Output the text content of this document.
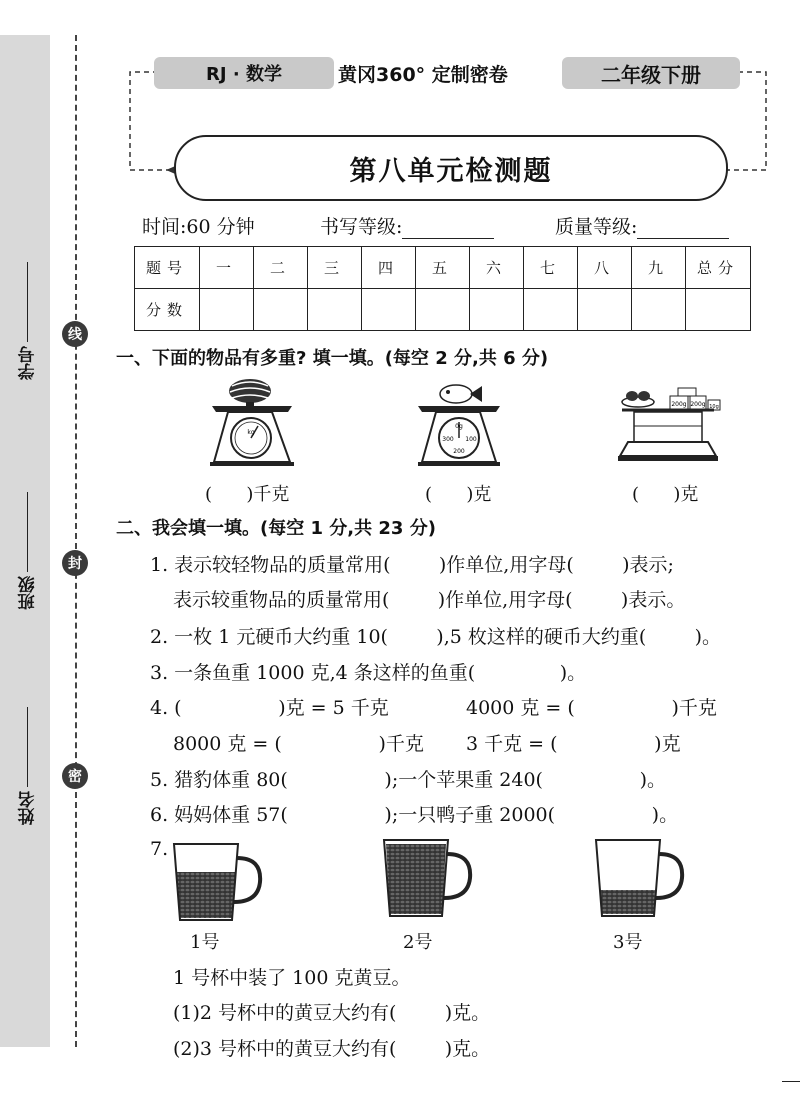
线
封
密
学号
班级
姓名
RJ · 数学	黄冈360° 定制密卷	二年级下册
第八单元检测题
时间:60 分钟	书写等级:	质量等级:
题号	一	二	三	四	五	六	七	八	九	总分
分数										
一、下面的物品有多重? 填一填。(每空 2 分,共 6 分)
kg
0g
300 100
200
200g 200g 10g
(      )千克	(      )克	(      )克
二、我会填一填。(每空 1 分,共 23 分)
1. 表示较轻物品的质量常用(        )作单位,用字母(        )表示;
表示较重物品的质量常用(        )作单位,用字母(        )表示。
2. 一枚 1 元硬币大约重 10(        ),5 枚这样的硬币大约重(        )。
3. 一条鱼重 1000 克,4 条这样的鱼重(              )。
4. (                )克 = 5 千克	4000 克 = (                )千克
8000 克 = (                )千克 3 千克 = (                )克
5. 猎豹体重 80(                );一个苹果重 240(                )。
6. 妈妈体重 57(                );一只鸭子重 2000(                )。
7.
1号	2号	3号
1 号杯中装了 100 克黄豆。
(1)2 号杯中的黄豆大约有(        )克。
(2)3 号杯中的黄豆大约有(        )克。
